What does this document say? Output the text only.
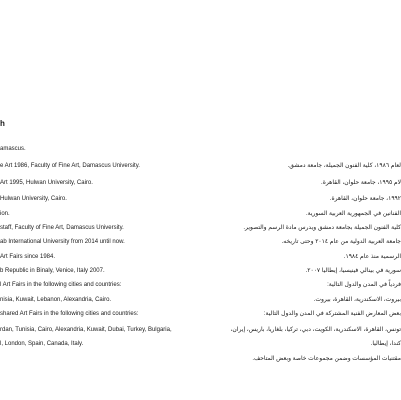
h
amascus.
e Art 1986, Faculty of Fine Art, Damascus University.
Art 1995, Hulwan University, Cairo.
Hulwan University, Cairo.
ion.
staff, Faculty of Fine Art, Damascus University.
ab International University from 2014 until now.
Art Fairs since 1984.
b Republic in Binaly, Venice, Italy 2007.
l Art Fairs in the following cities and countries:
nisia, Kuwait, Lebanon, Alexandria, Cairo.
shared Art Fairs in the following cities and countries:
rdan, Tunisia, Cairo, Alexandria, Kuwait, Dubai, Turkey, Bulgaria,
l, London, Spain, Canada, Italy.
لعام ١٩٨٦، كلية الفنون الجميلة، جامعة دمشق.
لام ١٩٩٥، جامعة حلوان، القاهرة.
١٩٩٢، جامعة حلوان، القاهرة.
الفنانين في الجمهورية العربية السورية.
كلية الفنون الجميلة بجامعة دمشق ويدرس مادة الرسم والتصوير.
جامعة العربية الدولية من عام ٢٠١٤ وحتى تاريخه.
الرسمية منذ عام ١٩٨٤.
سورية في بينالي فينيسيا، إيطاليا ٢٠٠٧.
فردياً في المدن والدول التالية:
بيروت، الاسكندرية، القاهرة، بيروت.
بعض المعارض الفنية المشتركة في المدن والدول التالية:
تونس، القاهرة، الاسكندرية، الكويت، دبي، تركيا، بلغاريا، باريس، إيران،
كندا، إيطاليا.
مقتنيات المؤسسات وضمن مجموعات خاصة وبعض المتاحف.
